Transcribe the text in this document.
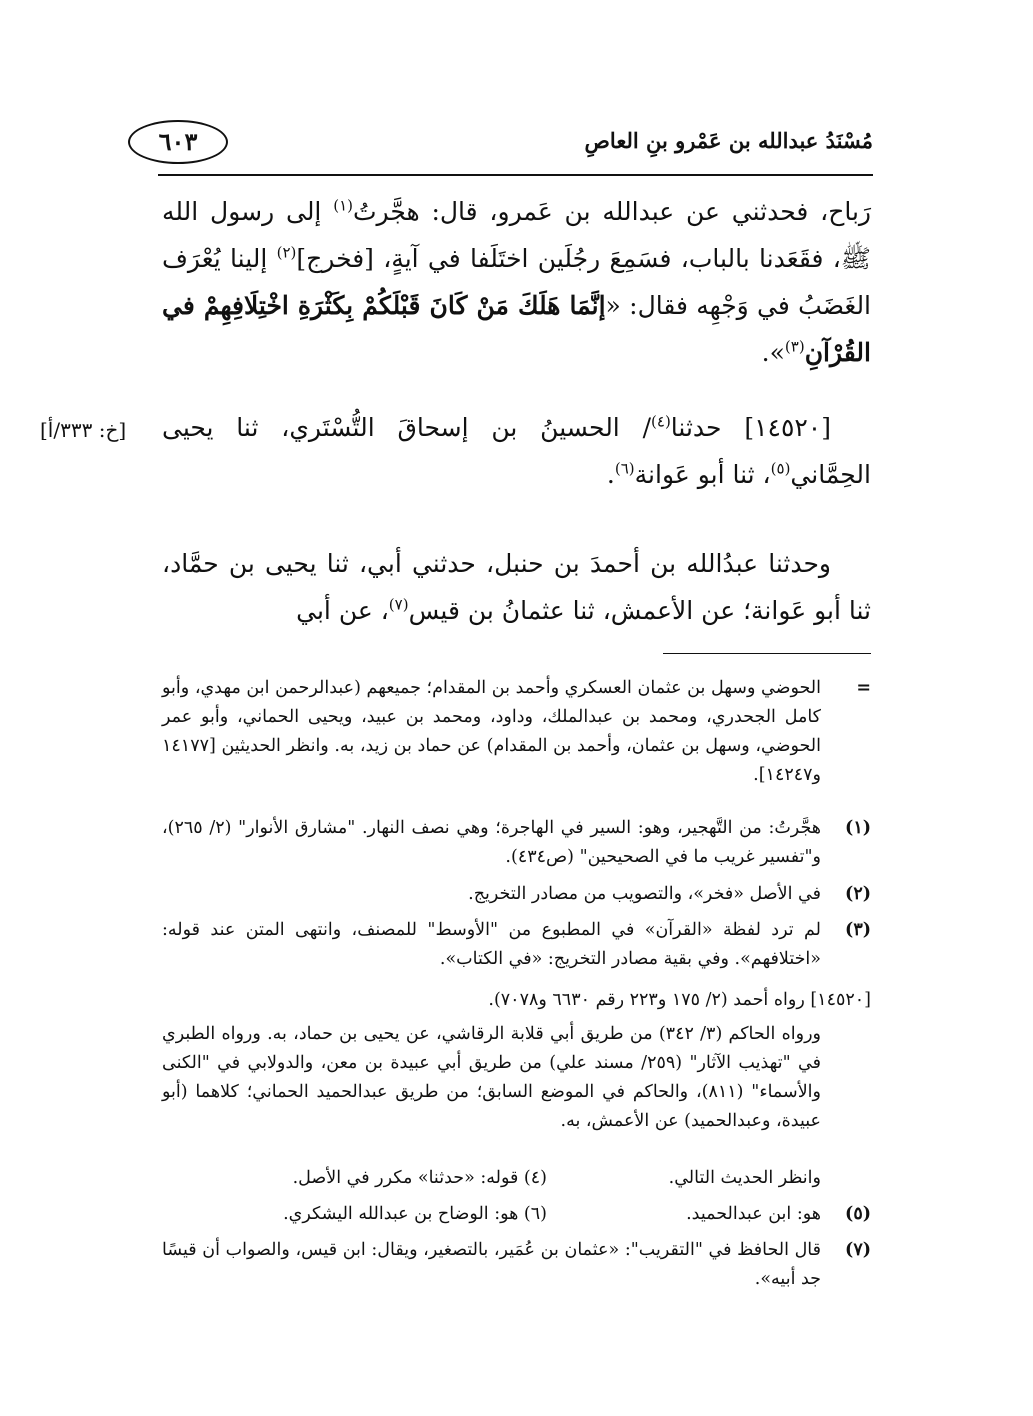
مُسْنَدُ عبدالله بن عَمْرو بنِ العاصِ
٦٠٣
رَباح، فحدثني عن عبدالله بن عَمرو، قال: هجَّرتُ$^{(١)}$ إلى رسول الله ﷺ، فقَعَدنا بالباب، فسَمِعَ رجُلَين اختَلَفا في آيةٍ، [فخرج]$^{(٢)}$ إلينا يُعْرَف الغَضَبُ في وَجْهِه فقال: «إنَّمَا هَلَكَ مَنْ كَانَ قَبْلَكُمْ بِكَثْرَةِ اخْتِلَافِهِمْ في القُرْآنِ$^{(٣)}$».
[١٤٥٢٠] حدثنا$^{(٤)}$/ الحسينُ بن إسحاقَ التُّسْتَري، ثنا يحيى الحِمَّاني$^{(٥)}$، ثنا أبو عَوانة$^{(٦)}$.
[خ: ٣٣٣/أ]
وحدثنا عبدُالله بن أحمدَ بن حنبل، حدثني أبي، ثنا يحيى بن حمَّاد، ثنا أبو عَوانة؛ عن الأعمش، ثنا عثمانُ بن قيس$^{(٧)}$، عن أبي
=
الحوضي وسهل بن عثمان العسكري وأحمد بن المقدام؛ جميعهم (عبدالرحمن ابن مهدي، وأبو كامل الجحدري، ومحمد بن عبدالملك، وداود، ومحمد بن عبيد، ويحيى الحماني، وأبو عمر الحوضي، وسهل بن عثمان، وأحمد بن المقدام) عن حماد بن زيد، به. وانظر الحديثين [١٤١٧٧ و١٤٢٤٧].
(١)
هجَّرتُ: من التَّهجير، وهو: السير في الهاجرة؛ وهي نصف النهار. "مشارق الأنوار" (٢/ ٢٦٥)، و"تفسير غريب ما في الصحيحين" (ص٤٣٤).
(٢)
في الأصل «فخر»، والتصويب من مصادر التخريج.
(٣)
لم ترد لفظة «القرآن» في المطبوع من "الأوسط" للمصنف، وانتهى المتن عند قوله: «اختلافهم». وفي بقية مصادر التخريج: «في الكتاب».
[١٤٥٢٠] رواه أحمد (٢/ ١٧٥ و٢٢٣ رقم ٦٦٣٠ و٧٠٧٨).
ورواه الحاكم (٣/ ٣٤٢) من طريق أبي قلابة الرقاشي، عن يحيى بن حماد، به. ورواه الطبري في "تهذيب الآثار" (٢٥٩/ مسند علي) من طريق أبي عبيدة بن معن، والدولابي في "الكنى والأسماء" (٨١١)، والحاكم في الموضع السابق؛ من طريق عبدالحميد الحماني؛ كلاهما (أبو عبيدة، وعبدالحميد) عن الأعمش، به.
وانظر الحديث التالي.
(٤) قوله: «حدثنا» مكرر في الأصل.
(٥)
هو: ابن عبدالحميد.
(٦) هو: الوضاح بن عبدالله اليشكري.
(٧)
قال الحافظ في "التقريب": «عثمان بن عُمَير، بالتصغير، ويقال: ابن قيس، والصواب أن قيسًا جد أبيه».
